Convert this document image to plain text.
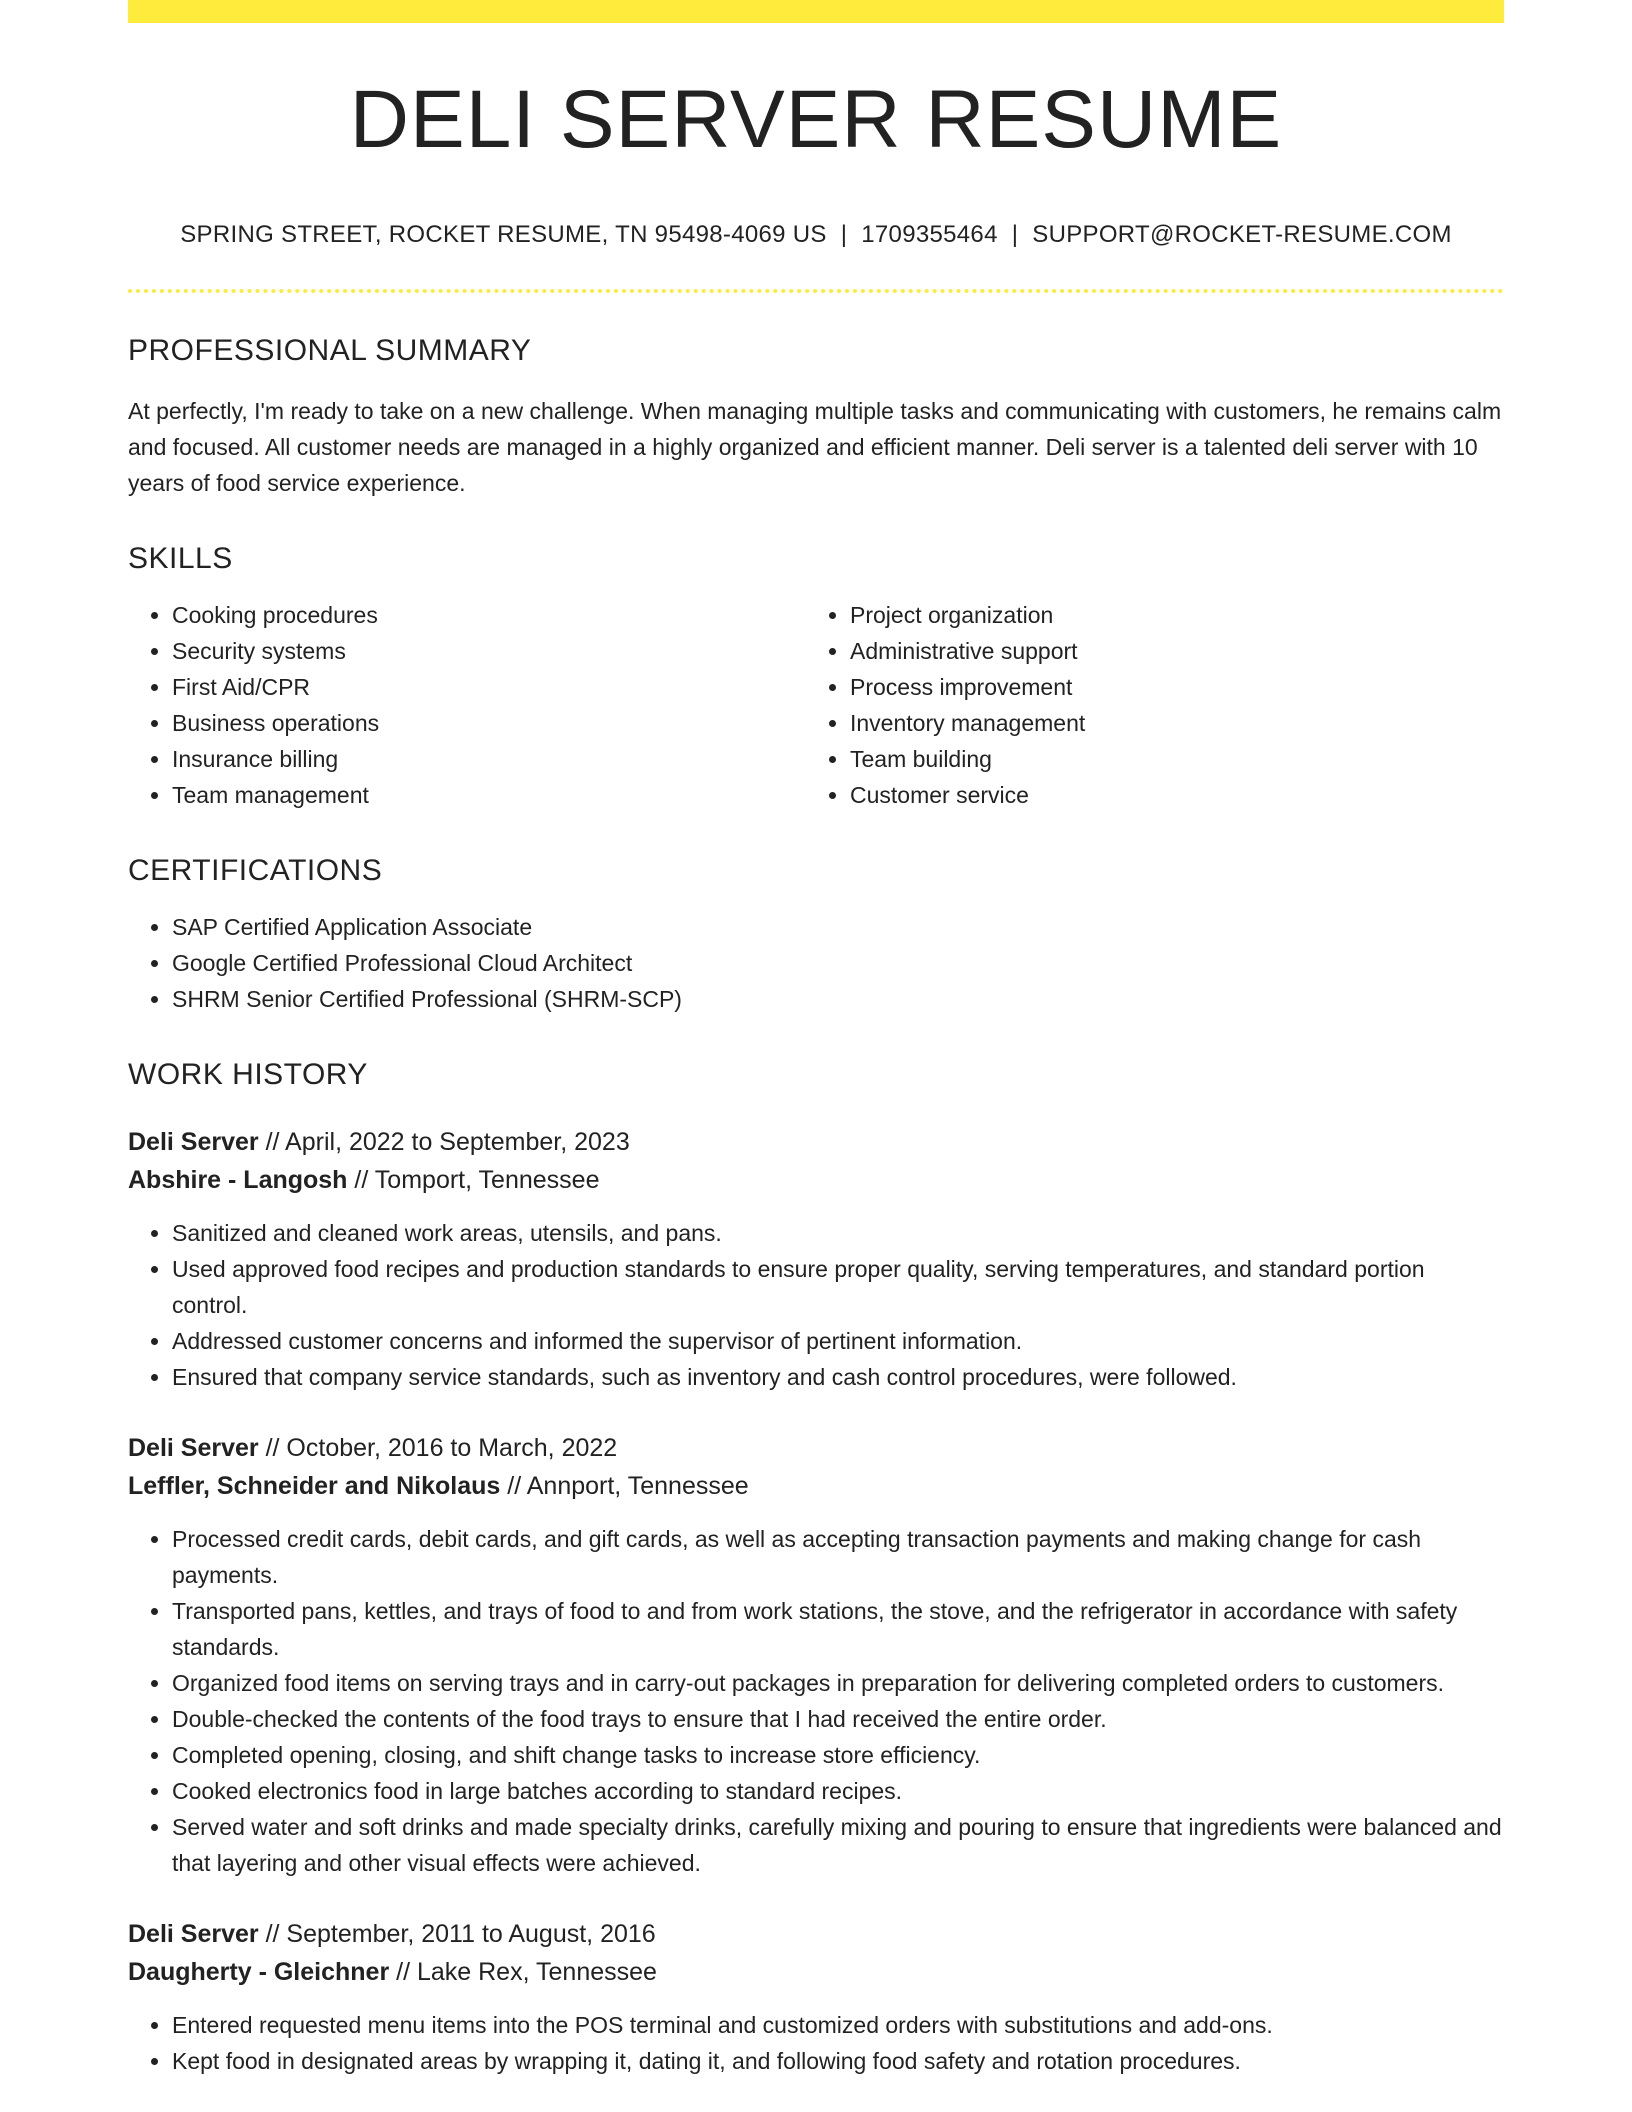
DELI SERVER RESUME
SPRING STREET, ROCKET RESUME, TN 95498-4069 US | 1709355464 | SUPPORT@ROCKET-RESUME.COM
PROFESSIONAL SUMMARY

At perfectly, I'm ready to take on a new challenge. When managing multiple tasks and communicating with customers, he remains calm and focused. All customer needs are managed in a highly organized and efficient manner. Deli server is a talented deli server with 10 years of food service experience.

SKILLS
• Cooking procedures
• Security systems
• First Aid/CPR
• Business operations
• Insurance billing
• Team management
• Project organization
• Administrative support
• Process improvement
• Inventory management
• Team building
• Customer service
CERTIFICATIONS
• SAP Certified Application Associate
• Google Certified Professional Cloud Architect
• SHRM Senior Certified Professional (SHRM-SCP)
WORK HISTORY
Deli Server // April, 2022 to September, 2023
Abshire - Langosh // Tomport, Tennessee
• Sanitized and cleaned work areas, utensils, and pans.
• Used approved food recipes and production standards to ensure proper quality, serving temperatures, and standard portion control.
• Addressed customer concerns and informed the supervisor of pertinent information.
• Ensured that company service standards, such as inventory and cash control procedures, were followed.
Deli Server // October, 2016 to March, 2022
Leffler, Schneider and Nikolaus // Annport, Tennessee
• Processed credit cards, debit cards, and gift cards, as well as accepting transaction payments and making change for cash payments.
• Transported pans, kettles, and trays of food to and from work stations, the stove, and the refrigerator in accordance with safety standards.
• Organized food items on serving trays and in carry-out packages in preparation for delivering completed orders to customers.
• Double-checked the contents of the food trays to ensure that I had received the entire order.
• Completed opening, closing, and shift change tasks to increase store efficiency.
• Cooked electronics food in large batches according to standard recipes.
• Served water and soft drinks and made specialty drinks, carefully mixing and pouring to ensure that ingredients were balanced and that layering and other visual effects were achieved.
Deli Server // September, 2011 to August, 2016
Daugherty - Gleichner // Lake Rex, Tennessee
• Entered requested menu items into the POS terminal and customized orders with substitutions and add-ons.
• Kept food in designated areas by wrapping it, dating it, and following food safety and rotation procedures.
